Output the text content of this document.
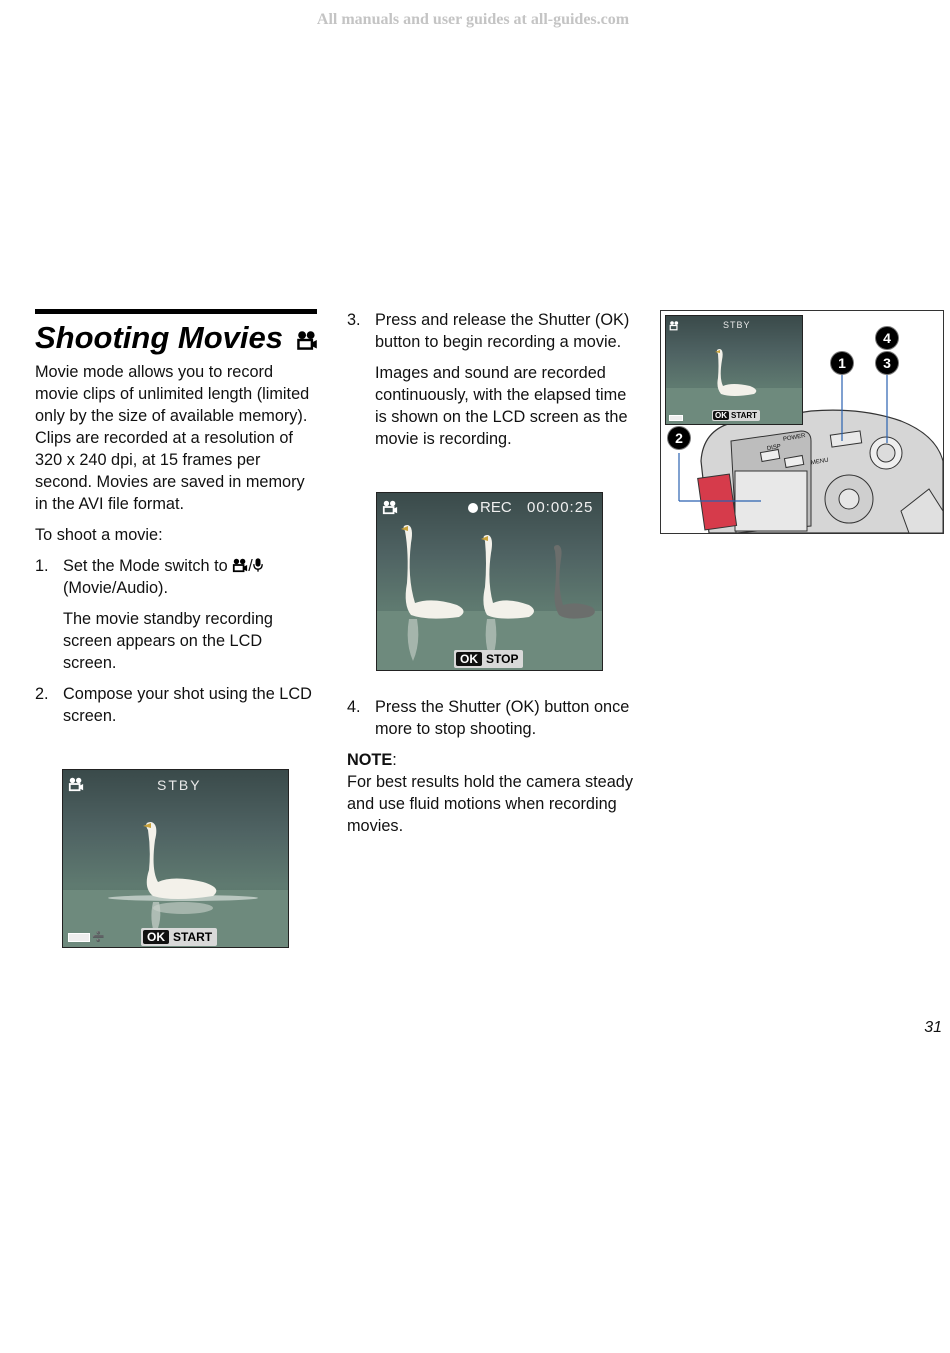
All manuals and user guides at all-guides.com
Shooting Movies

Movie mode allows you to record movie clips of unlimited length (limited only by the size of available memory). Clips are recorded at a resolution of 320 x 240 dpi, at 15 frames per second. Movies are saved in memory in the AVI file format.

To shoot a movie:

1. Set the Mode switch to / (Movie/Audio).
The movie standby recording screen appears on the LCD screen.
2. Compose your shot using the LCD screen.
STBY
➗	OK START
3. Press and release the Shutter (OK) button to begin recording a movie.
Images and sound are recorded continuously, with the elapsed time is shown on the LCD screen as the movie is recording.
REC 00:00:25
OK STOP
4. Press the Shutter (OK) button once more to stop shooting.

NOTE:

For best results hold the camera steady and use fluid motions when recording movies.

POWER
DISP
MENU
STBY
OK START
1
2
3
4
31
